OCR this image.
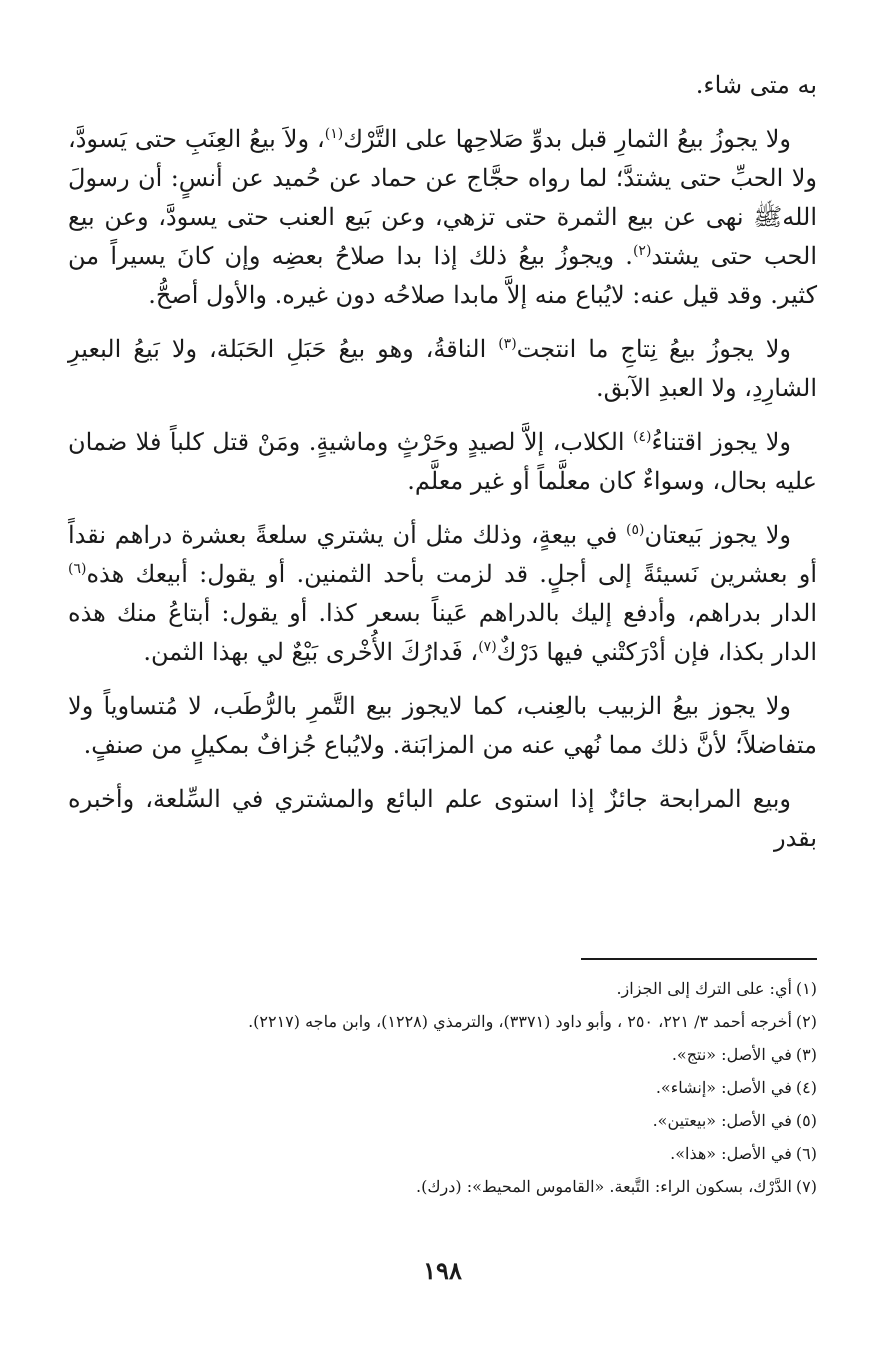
به متى شاء.

ولا يجوزُ بيعُ الثمارِ قبل بدوِّ صَلاحِها على التَّرْك$^{(١)}$، ولاَ بيعُ العِنَبِ حتى يَسودَّ، ولا الحبِّ حتى يشتدَّ؛ لما رواه حجَّاج عن حماد عن حُميد عن أنسٍ: أن رسولَ اللهﷺ نهى عن بيع الثمرة حتى تزهي، وعن بَيع العنب حتى يسودَّ، وعن بيع الحب حتى يشتد$^{(٢)}$. ويجوزُ بيعُ ذلك إذا بدا صلاحُ بعضِه وإن كانَ يسيراً من كثير. وقد قيل عنه: لايُباع منه إلاَّ مابدا صلاحُه دون غيره. والأول أصحُّ.

ولا يجوزُ بيعُ نِتاجِ ما انتجت$^{(٣)}$ الناقةُ، وهو بيعُ حَبَلِ الحَبَلة، ولا بَيعُ البعيرِ الشارِدِ، ولا العبدِ الآبق.

ولا يجوز اقتناءُ$^{(٤)}$ الكلاب، إلاَّ لصيدٍ وحَرْثٍ وماشيةٍ. ومَنْ قتل كلباً فلا ضمان عليه بحال، وسواءٌ كان معلَّماً أو غير معلَّم.

ولا يجوز بَيعتان$^{(٥)}$ في بيعةٍ، وذلك مثل أن يشتري سلعةً بعشرة دراهم نقداً أو بعشرين نَسيئةً إلى أجلٍ. قد لزمت بأحد الثمنين. أو يقول: أبيعك هذه$^{(٦)}$ الدار بدراهم، وأدفع إليك بالدراهم عَيناً بسعر كذا. أو يقول: أبتاعُ منك هذه الدار بكذا، فإن أدْرَكتْني فيها دَرْكٌ$^{(٧)}$، فَدارُكَ الأُخْرى بَيْعٌ لي بهذا الثمن.

ولا يجوز بيعُ الزبيب بالعِنب، كما لايجوز بيع التَّمرِ بالرُّطَب، لا مُتساوياً ولا متفاضلاً؛ لأنَّ ذلك مما نُهي عنه من المزابَنة. ولايُباع جُزافٌ بمكيلٍ من صنفٍ.

وبيع المرابحة جائزٌ إذا استوى علم البائع والمشتري في السِّلعة، وأخبره بقدر

(١)أي: على الترك إلى الجزاز.
(٢)أخرجه أحمد ٣/ ٢٢١، ٢٥٠ ، وأبو داود (٣٣٧١)، والترمذي (١٢٢٨)، وابن ماجه (٢٢١٧).
(٣)في الأصل: «نتج».
(٤)في الأصل: «إنشاء».
(٥)في الأصل: «بيعتين».
(٦)في الأصل: «هذا».
(٧)الدَّرْك، بسكون الراء: التَّبعة. «القاموس المحيط»: (درك).
١٩٨
